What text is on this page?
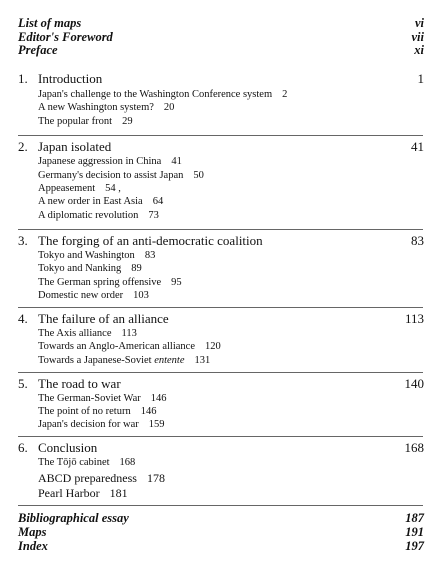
List of maps	vi
Editor's Foreword	vii
Preface	xi
1. Introduction	1
Japan's challenge to the Washington Conference system 2
A new Washington system? 20
The popular front 29
2. Japan isolated	41
Japanese aggression in China 41
Germany's decision to assist Japan 50
Appeasement 54 ,
A new order in East Asia 64
A diplomatic revolution 73
3. The forging of an anti-democratic coalition	83
Tokyo and Washington 83
Tokyo and Nanking 89
The German spring offensive 95
Domestic new order 103
4. The failure of an alliance	113
The Axis alliance 113
Towards an Anglo-American alliance 120
Towards a Japanese-Soviet entente 131
5. The road to war	140
The German-Soviet War 146
The point of no return 146
Japan's decision for war 159
6. Conclusion	168
The Tōjō cabinet 168
ABCD preparedness 178
Pearl Harbor 181
Bibliographical essay	187
Maps	191
Index	197
